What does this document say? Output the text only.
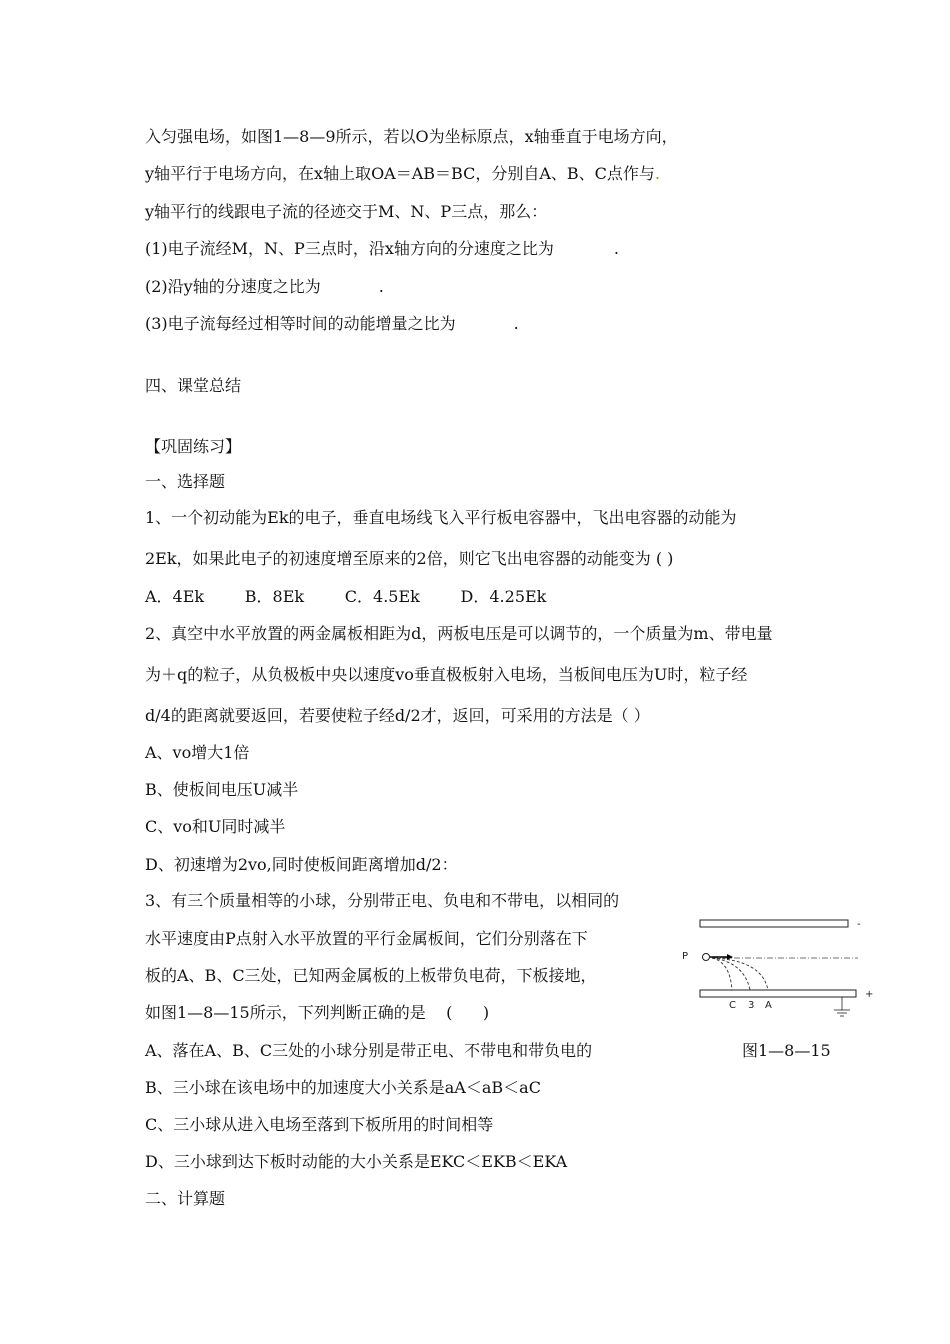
入匀强电场，如图1—8—9所示，若以O为坐标原点，x轴垂直于电场方向，
y轴平行于电场方向，在x轴上取OA＝AB＝BC，分别自A、B、C点作与.
y轴平行的线跟电子流的径迹交于M、N、P三点，那么：
(1)电子流经M，N、P三点时，沿x轴方向的分速度之比为	.
(2)沿y轴的分速度之比为	.
(3)电子流每经过相等时间的动能增量之比为	.
四、课堂总结
【巩固练习】
一、选择题
1、一个初动能为Ek的电子，垂直电场线飞入平行板电容器中，飞出电容器的动能为
2Ek，如果此电子的初速度增至原来的2倍，则它飞出电容器的动能变为 ( )
A．4Ek        B．8Ek        C．4.5Ek        D．4.25Ek
2、真空中水平放置的两金属板相距为d，两板电压是可以调节的，一个质量为m、带电量
为＋q的粒子，从负极板中央以速度vo垂直极板射入电场，当板间电压为U时，粒子经
d/4的距离就要返回，若要使粒子经d/2才，返回，可采用的方法是（ ）
A、vo增大1倍
B、使板间电压U减半
C、vo和U同时减半
D、初速增为2vo,同时使板间距离增加d/2：
3、有三个质量相等的小球，分别带正电、负电和不带电，以相同的
水平速度由P点射入水平放置的平行金属板间，它们分别落在下
板的A、B、C三处，已知两金属板的上板带负电荷，下板接地，
如图1—8—15所示，下列判断正确的是    (      )
A、落在A、B、C三处的小球分别是带正电、不带电和带负电的
B、三小球在该电场中的加速度大小关系是aA＜aB＜aC
C、三小球从进入电场至落到下板所用的时间相等
D、三小球到达下板时动能的大小关系是EKC＜EKB＜EKA
二、计算题
-
P
+
C 3 A
图1—8—15
